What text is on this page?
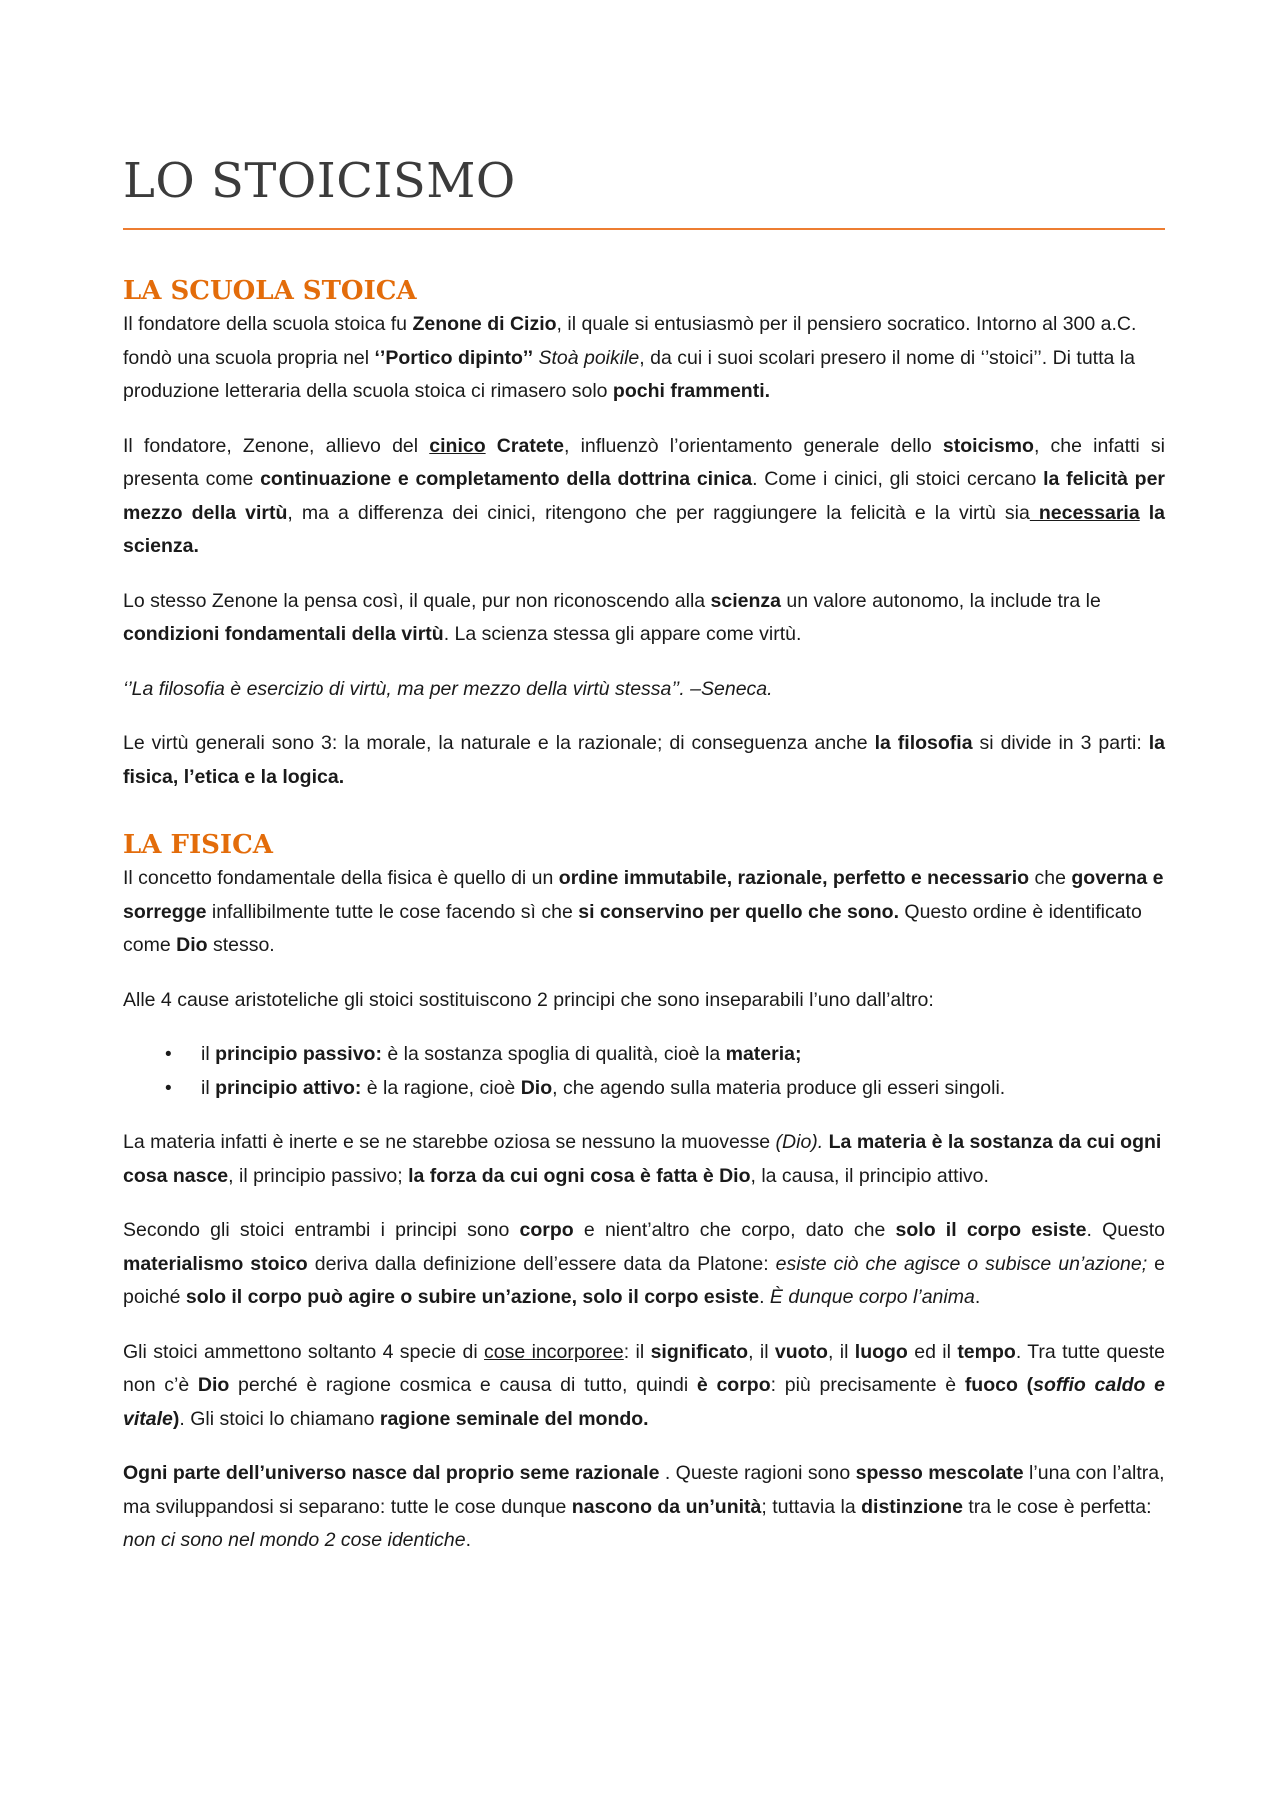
LO STOICISMO
LA SCUOLA STOICA

Il fondatore della scuola stoica fu Zenone di Cizio, il quale si entusiasmò per il pensiero socratico. Intorno al 300 a.C. fondò una scuola propria nel ‘’Portico dipinto’’ Stoà poikile, da cui i suoi scolari presero il nome di ‘’stoici’’. Di tutta la produzione letteraria della scuola stoica ci rimasero solo pochi frammenti.

Il fondatore, Zenone, allievo del cinico Cratete, influenzò l’orientamento generale dello stoicismo, che infatti si presenta come continuazione e completamento della dottrina cinica. Come i cinici, gli stoici cercano la felicità per mezzo della virtù, ma a differenza dei cinici, ritengono che per raggiungere la felicità e la virtù sia necessaria la scienza.

Lo stesso Zenone la pensa così, il quale, pur non riconoscendo alla scienza un valore autonomo, la include tra le condizioni fondamentali della virtù. La scienza stessa gli appare come virtù.

‘’La filosofia è esercizio di virtù, ma per mezzo della virtù stessa’’. –Seneca.

Le virtù generali sono 3: la morale, la naturale e la razionale; di conseguenza anche la filosofia si divide in 3 parti: la fisica, l’etica e la logica.

LA FISICA

Il concetto fondamentale della fisica è quello di un ordine immutabile, razionale, perfetto e necessario che governa e sorregge infallibilmente tutte le cose facendo sì che si conservino per quello che sono. Questo ordine è identificato come Dio stesso.

Alle 4 cause aristoteliche gli stoici sostituiscono 2 principi che sono inseparabili l’uno dall’altro:

• il principio passivo: è la sostanza spoglia di qualità, cioè la materia;
• il principio attivo: è la ragione, cioè Dio, che agendo sulla materia produce gli esseri singoli.

La materia infatti è inerte e se ne starebbe oziosa se nessuno la muovesse (Dio). La materia è la sostanza da cui ogni cosa nasce, il principio passivo; la forza da cui ogni cosa è fatta è Dio, la causa, il principio attivo.

Secondo gli stoici entrambi i principi sono corpo e nient’altro che corpo, dato che solo il corpo esiste. Questo materialismo stoico deriva dalla definizione dell’essere data da Platone: esiste ciò che agisce o subisce un’azione; e poiché solo il corpo può agire o subire un’azione, solo il corpo esiste. È dunque corpo l’anima.

Gli stoici ammettono soltanto 4 specie di cose incorporee: il significato, il vuoto, il luogo ed il tempo. Tra tutte queste non c’è Dio perché è ragione cosmica e causa di tutto, quindi è corpo: più precisamente è fuoco (soffio caldo e vitale). Gli stoici lo chiamano ragione seminale del mondo.

Ogni parte dell’universo nasce dal proprio seme razionale . Queste ragioni sono spesso mescolate l’una con l’altra, ma sviluppandosi si separano: tutte le cose dunque nascono da un’unità; tuttavia la distinzione tra le cose è perfetta: non ci sono nel mondo 2 cose identiche.
